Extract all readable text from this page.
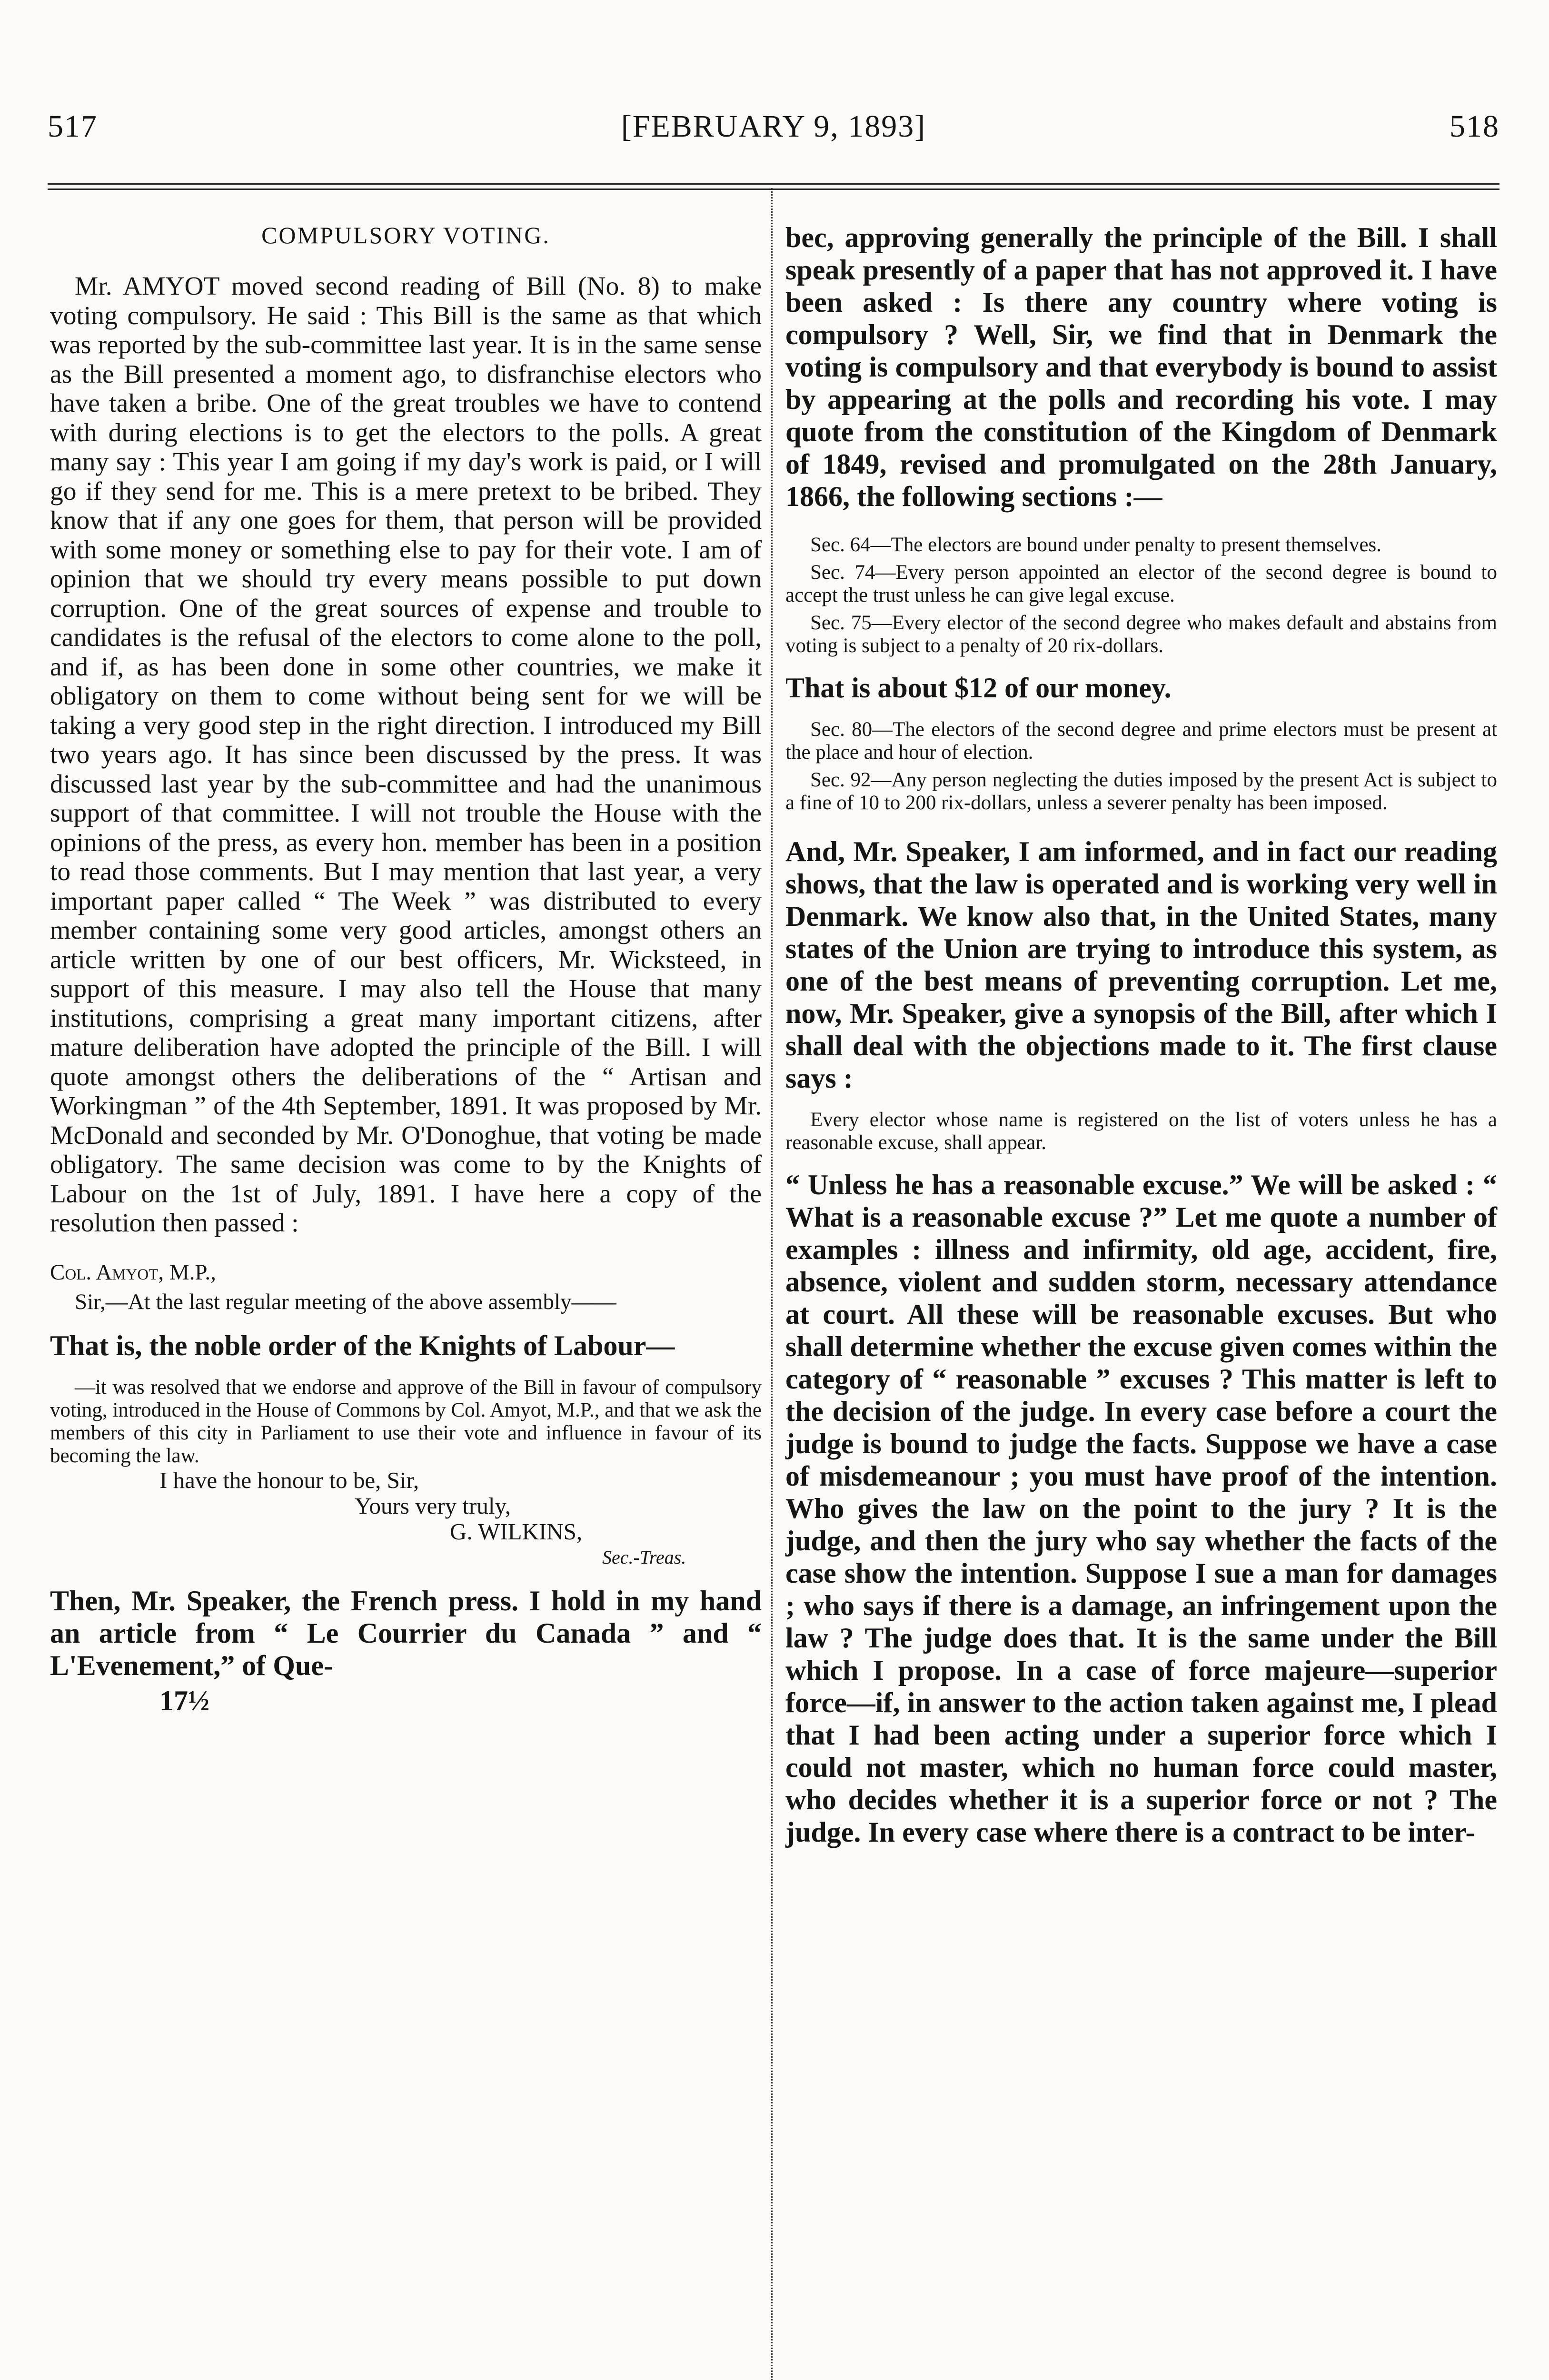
517	[FEBRUARY 9, 1893]	518
COMPULSORY VOTING.

Mr. AMYOT moved second reading of Bill (No. 8) to make voting compulsory. He said : This Bill is the same as that which was reported by the sub-committee last year. It is in the same sense as the Bill presented a moment ago, to disfranchise electors who have taken a bribe. One of the great troubles we have to contend with during elections is to get the electors to the polls. A great many say : This year I am going if my day's work is paid, or I will go if they send for me. This is a mere pretext to be bribed. They know that if any one goes for them, that person will be provided with some money or something else to pay for their vote. I am of opinion that we should try every means possible to put down corruption. One of the great sources of expense and trouble to candidates is the refusal of the electors to come alone to the poll, and if, as has been done in some other countries, we make it obligatory on them to come without being sent for we will be taking a very good step in the right direction. I introduced my Bill two years ago. It has since been discussed by the press. It was discussed last year by the sub-committee and had the unanimous support of that committee. I will not trouble the House with the opinions of the press, as every hon. member has been in a position to read those comments. But I may mention that last year, a very important paper called “ The Week ” was distributed to every member containing some very good articles, amongst others an article written by one of our best officers, Mr. Wicksteed, in support of this measure. I may also tell the House that many institutions, comprising a great many important citizens, after mature deliberation have adopted the principle of the Bill. I will quote amongst others the deliberations of the “ Artisan and Workingman ” of the 4th September, 1891. It was proposed by Mr. McDonald and seconded by Mr. O'Donoghue, that voting be made obligatory. The same decision was come to by the Knights of Labour on the 1st of July, 1891. I have here a copy of the resolution then passed :

Col. Amyot, M.P.,

Sir,—At the last regular meeting of the above assembly——

That is, the noble order of the Knights of Labour—

—it was resolved that we endorse and approve of the Bill in favour of compulsory voting, introduced in the House of Commons by Col. Amyot, M.P., and that we ask the members of this city in Parliament to use their vote and influence in favour of its becoming the law.

I have the honour to be, Sir,
Yours very truly,
G. WILKINS,
Sec.-Treas.

Then, Mr. Speaker, the French press. I hold in my hand an article from “ Le Courrier du Canada ” and “ L'Evenement,” of Que-

17½

bec, approving generally the principle of the Bill. I shall speak presently of a paper that has not approved it. I have been asked : Is there any country where voting is compulsory ? Well, Sir, we find that in Denmark the voting is compulsory and that everybody is bound to assist by appearing at the polls and recording his vote. I may quote from the constitution of the Kingdom of Denmark of 1849, revised and promulgated on the 28th January, 1866, the following sections :—

Sec. 64—The electors are bound under penalty to present themselves.

Sec. 74—Every person appointed an elector of the second degree is bound to accept the trust unless he can give legal excuse.

Sec. 75—Every elector of the second degree who makes default and abstains from voting is subject to a penalty of 20 rix-dollars.

That is about $12 of our money.

Sec. 80—The electors of the second degree and prime electors must be present at the place and hour of election.

Sec. 92—Any person neglecting the duties imposed by the present Act is subject to a fine of 10 to 200 rix-dollars, unless a severer penalty has been imposed.

And, Mr. Speaker, I am informed, and in fact our reading shows, that the law is operated and is working very well in Denmark. We know also that, in the United States, many states of the Union are trying to introduce this system, as one of the best means of preventing corruption. Let me, now, Mr. Speaker, give a synopsis of the Bill, after which I shall deal with the objections made to it. The first clause says :

Every elector whose name is registered on the list of voters unless he has a reasonable excuse, shall appear.

“ Unless he has a reasonable excuse.” We will be asked : “ What is a reasonable excuse ?” Let me quote a number of examples : illness and infirmity, old age, accident, fire, absence, violent and sudden storm, necessary attendance at court. All these will be reasonable excuses. But who shall determine whether the excuse given comes within the category of “ reasonable ” excuses ? This matter is left to the decision of the judge. In every case before a court the judge is bound to judge the facts. Suppose we have a case of misdemeanour ; you must have proof of the intention. Who gives the law on the point to the jury ? It is the judge, and then the jury who say whether the facts of the case show the intention. Suppose I sue a man for damages ; who says if there is a damage, an infringement upon the law ? The judge does that. It is the same under the Bill which I propose. In a case of force majeure—superior force—if, in answer to the action taken against me, I plead that I had been acting under a superior force which I could not master, which no human force could master, who decides whether it is a superior force or not ? The judge. In every case where there is a contract to be inter-
